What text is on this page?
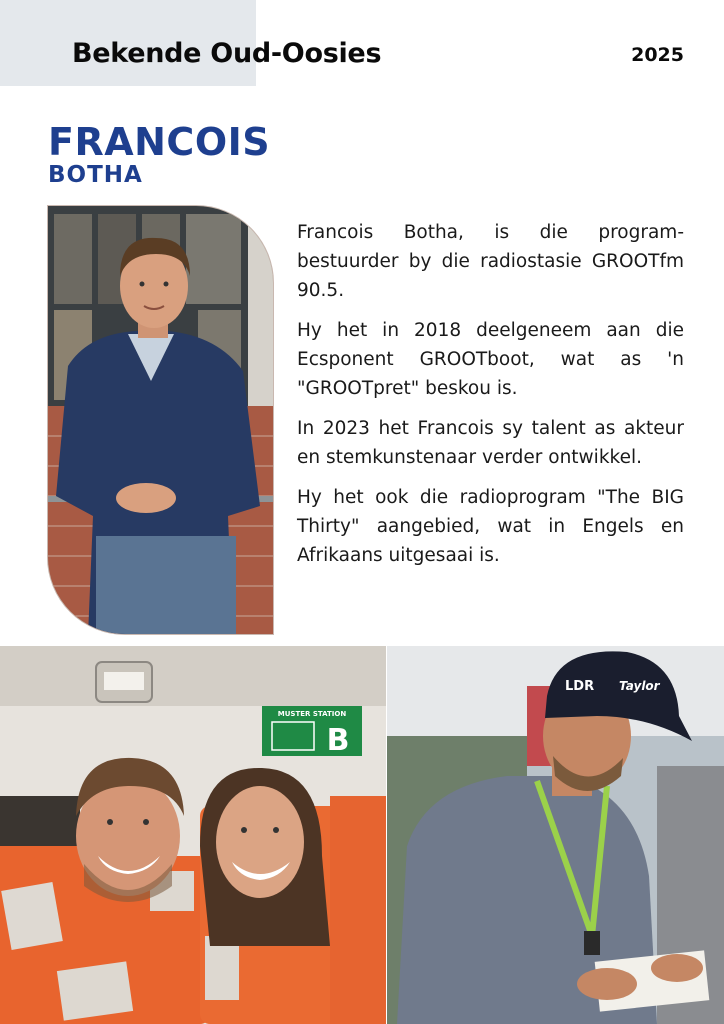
Bekende Oud-Oosies	2025
FRANCOIS
BOTHA

Francois Botha, is die program-bestuurder by die radiostasie GROOTfm 90.5.

Hy het in 2018 deelgeneem aan die Ecsponent GROOTboot, wat as 'n "GROOTpret" beskou is.

In 2023 het Francois sy talent as akteur en stemkunstenaar verder ontwikkel.

Hy het ook die radioprogram "The BIG Thirty" aangebied, wat in Engels en Afrikaans uitgesaai is.

MUSTER STATION
B
LDR Taylor
